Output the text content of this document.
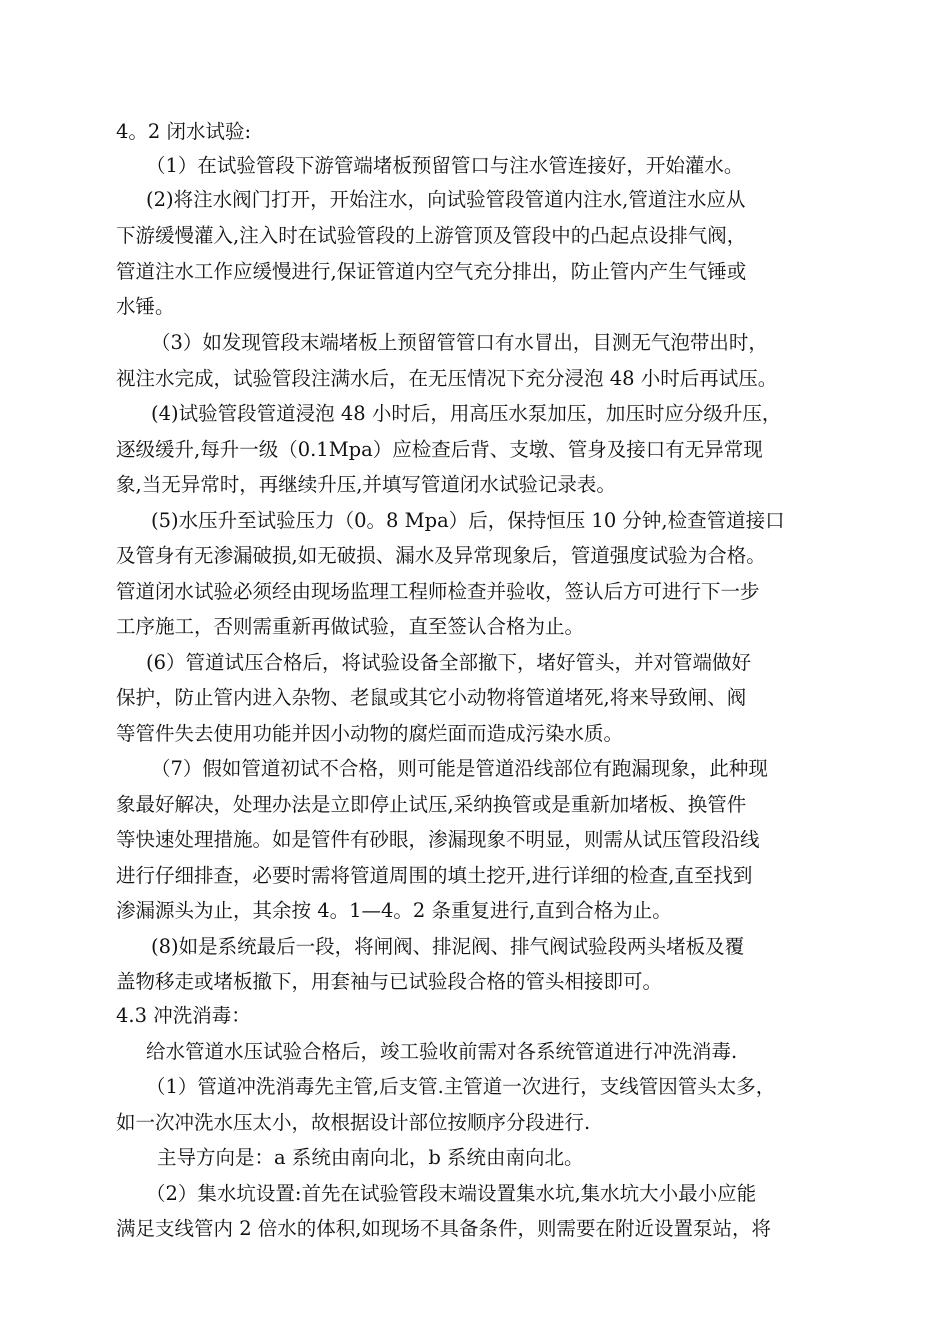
4。2 闭水试验:
（1）在试验管段下游管端堵板预留管口与注水管连接好，开始灌水。
(2)将注水阀门打开，开始注水，向试验管段管道内注水,管道注水应从
下游缓慢灌入,注入时在试验管段的上游管顶及管段中的凸起点设排气阀，
管道注水工作应缓慢进行,保证管道内空气充分排出，防止管内产生气锤或
水锤。
（3）如发现管段末端堵板上预留管管口有水冒出，目测无气泡带出时，
视注水完成，试验管段注满水后，在无压情况下充分浸泡 48 小时后再试压。
(4)试验管段管道浸泡 48 小时后，用高压水泵加压，加压时应分级升压，
逐级缓升,每升一级（0.1Mpa）应检查后背、支墩、管身及接口有无异常现
象,当无异常时，再继续升压,并填写管道闭水试验记录表。
(5)水压升至试验压力（0。8 Mpa）后，保持恒压 10 分钟,检查管道接口
及管身有无渗漏破损,如无破损、漏水及异常现象后，管道强度试验为合格。
管道闭水试验必须经由现场监理工程师检查并验收，签认后方可进行下一步
工序施工，否则需重新再做试验，直至签认合格为止。
(6）管道试压合格后，将试验设备全部撤下，堵好管头，并对管端做好
保护，防止管内进入杂物、老鼠或其它小动物将管道堵死,将来导致闸、阀
等管件失去使用功能并因小动物的腐烂面而造成污染水质。
（7）假如管道初试不合格，则可能是管道沿线部位有跑漏现象，此种现
象最好解决，处理办法是立即停止试压,采纳换管或是重新加堵板、换管件
等快速处理措施。如是管件有砂眼，渗漏现象不明显，则需从试压管段沿线
进行仔细排查，必要时需将管道周围的填土挖开,进行详细的检查,直至找到
渗漏源头为止，其余按 4。1—4。2 条重复进行,直到合格为止。
(8)如是系统最后一段，将闸阀、排泥阀、排气阀试验段两头堵板及覆
盖物移走或堵板撤下，用套袖与已试验段合格的管头相接即可。
4.3 冲洗消毒：
给水管道水压试验合格后，竣工验收前需对各系统管道进行冲洗消毒.
（1）管道冲洗消毒先主管,后支管.主管道一次进行，支线管因管头太多，
如一次冲洗水压太小，故根据设计部位按顺序分段进行.
主导方向是：a 系统由南向北，b 系统由南向北。
（2）集水坑设置:首先在试验管段末端设置集水坑,集水坑大小最小应能
满足支线管内 2 倍水的体积,如现场不具备条件，则需要在附近设置泵站，将
